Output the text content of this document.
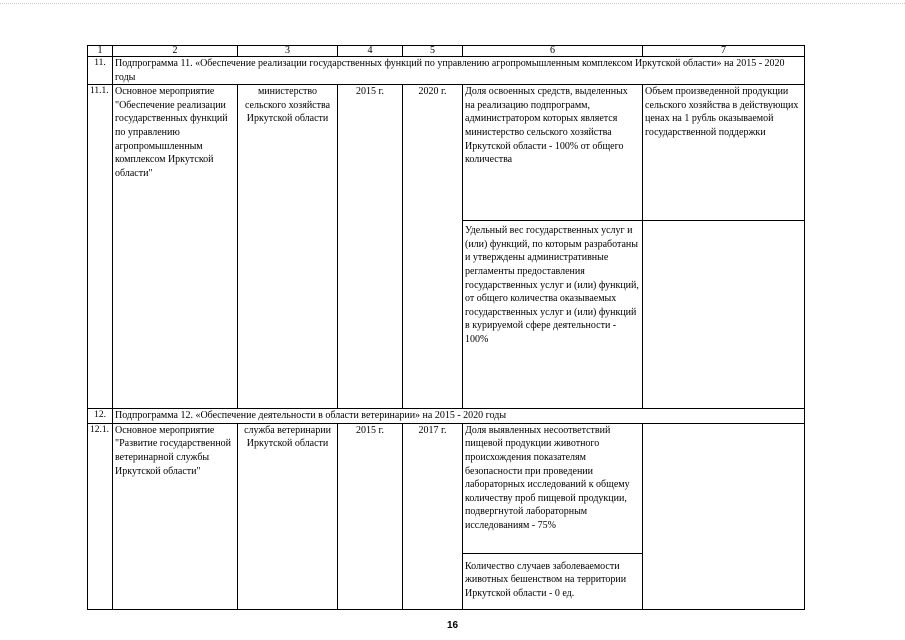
1	2	3	4	5	6	7
11.	Подпрограмма 11. «Обеспечение реализации государственных функций по управлению агропромышленным комплексом Иркутской области» на 2015 - 2020 годы					
11.1.	Основное мероприятие "Обеспечение реализации государственных функций по управлению агропромышленным комплексом Иркутской области"	министерство сельского хозяйства Иркутской области	2015 г.	2020 г.	Доля освоенных средств, выделенных на реализацию подпрограмм, администратором которых является министерство сельского хозяйства Иркутской области - 100% от общего количества	Объем произведенной продукции сельского хозяйства в действующих ценах на 1 рубль оказываемой государственной поддержки
					Удельный вес государственных услуг и (или) функций, по которым разработаны и утверждены административные регламенты предоставления государственных услуг и (или) функций, от общего количества оказываемых государственных услуг и (или) функций в курируемой сфере деятельности - 100%	
12.	Подпрограмма 12. «Обеспечение деятельности в области ветеринарии» на 2015 - 2020 годы					
12.1.	Основное мероприятие "Развитие государственной ветеринарной службы Иркутской области"	служба ветеринарии Иркутской области	2015 г.	2017 г.	Доля выявленных несоответствий пищевой продукции животного происхождения показателям безопасности при проведении лабораторных исследований к общему количеству проб пищевой продукции, подвергнутой лабораторным исследованиям - 75%	
					Количество случаев заболеваемости животных бешенством на территории Иркутской области - 0 ед.	
16
